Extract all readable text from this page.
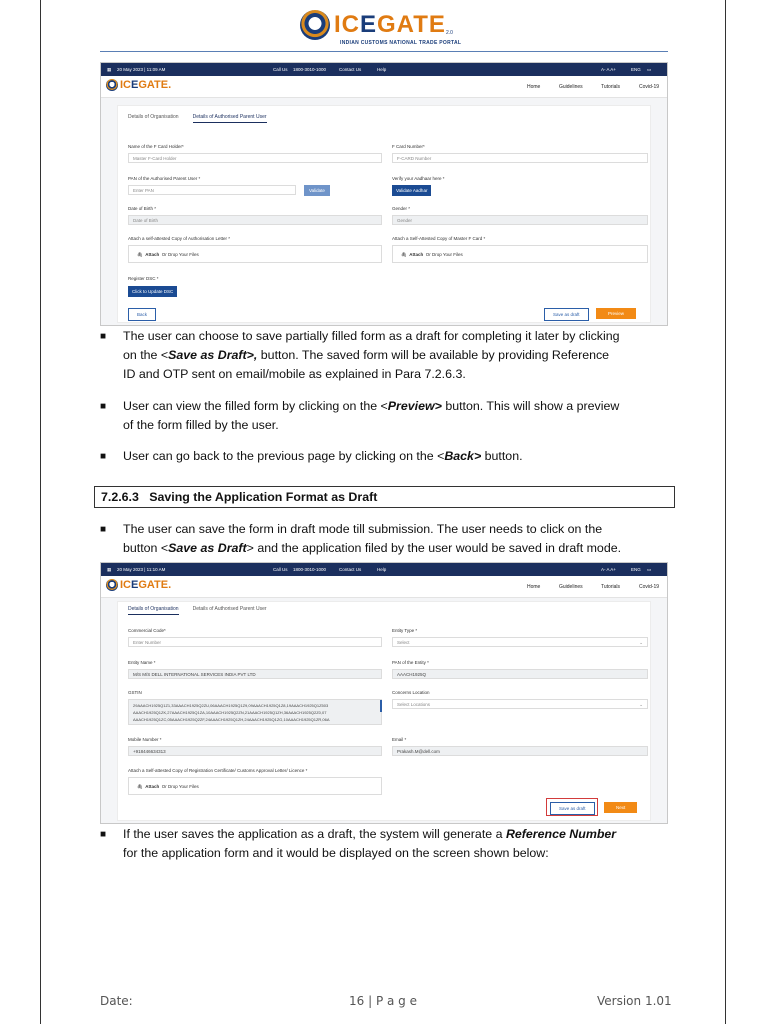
ICEGATE 2.0
INDIAN CUSTOMS NATIONAL TRADE PORTAL
▦ 20 May 2023 | 11:09 AM	Call Us 1800-3010-1000	Contact Us	Help	A- A A+	ENG ▭
ICEGATE.	Home	Guidelines	Tutorials	Covid-19
Details of Organisation	Details of Authorised Parent User
Name of the F Card Holder*
Master F-Card Holder
F Card Number*
F-CARD Number
PAN of the Authorised Parent User *
Enter PAN	Validate
Verify your Aadhaar here *
Validate Aadhar
Date of Birth *
Date of Birth
Gender *
Gender
Attach a self-attested Copy of Authorisation Letter *
🖇 Attach Or Drop Your Files
Attach a Self-Attested Copy of Master F Card *
🖇 Attach Or Drop Your Files
Register DSC *
Click to Update DSC
Back	Save as draft	Preview
■ The user can choose to save partially filled form as a draft for completing it later by clicking
on the <Save as Draft>, button. The saved form will be available by providing Reference
ID and OTP sent on email/mobile as explained in Para 7.2.6.3.
■ User can view the filled form by clicking on the <Preview> button. This will show a preview
of the form filled by the user.
■ User can go back to the previous page by clicking on the <Back> button.
7.2.6.3 Saving the Application Format as Draft
■ The user can save the form in draft mode till submission. The user needs to click on the
button <Save as Draft> and the application filed by the user would be saved in draft mode.
▦ 20 May 2023 | 11:10 AM	Call Us 1800-3010-1000	Contact Us	Help	A- A A+	ENG ▭
ICEGATE.	Home	Guidelines	Tutorials	Covid-19
Details of Organisation	Details of Authorised Parent User
Commercial Code*
Enter Number
Entity Type *
Select	⌄
Entity Name *
M/S M/S DELL INTERNATIONAL SERVICES INDIA PVT LTD
PAN of the Entity *
AAACH1925Q
GSTIN
29AAACH1925Q1Z1,33AAACH1925Q2ZU,06AAACH1925Q1Z9,09AAACH1925Q1Z8,19AAACH1925Q1Z503
AAACH1925Q1ZK,27AAACH1925Q1ZA,10AAACH1925Q2ZN,21AAACH1925Q1ZH,36AAACH1925Q2Z0,07
AAACH1925Q1ZC,05AAACH1925Q2ZF,24AAACH1925Q1ZH,24AAACH1925Q1ZG,10AAACH1925Q1ZR,06A
Concerns Location
Select Locations	⌄
Mobile Number *
+918446634313
Email *
Prakash.M@dell.com
Attach a Self-attested Copy of Registration Certificate/ Customs Approval Letter/ Licence *
🖇 Attach Or Drop Your Files
Save as draft	Next
■ If the user saves the application as a draft, the system will generate a Reference Number
for the application form and it would be displayed on the screen shown below:
Date:	16 | P a g e	Version 1.01
